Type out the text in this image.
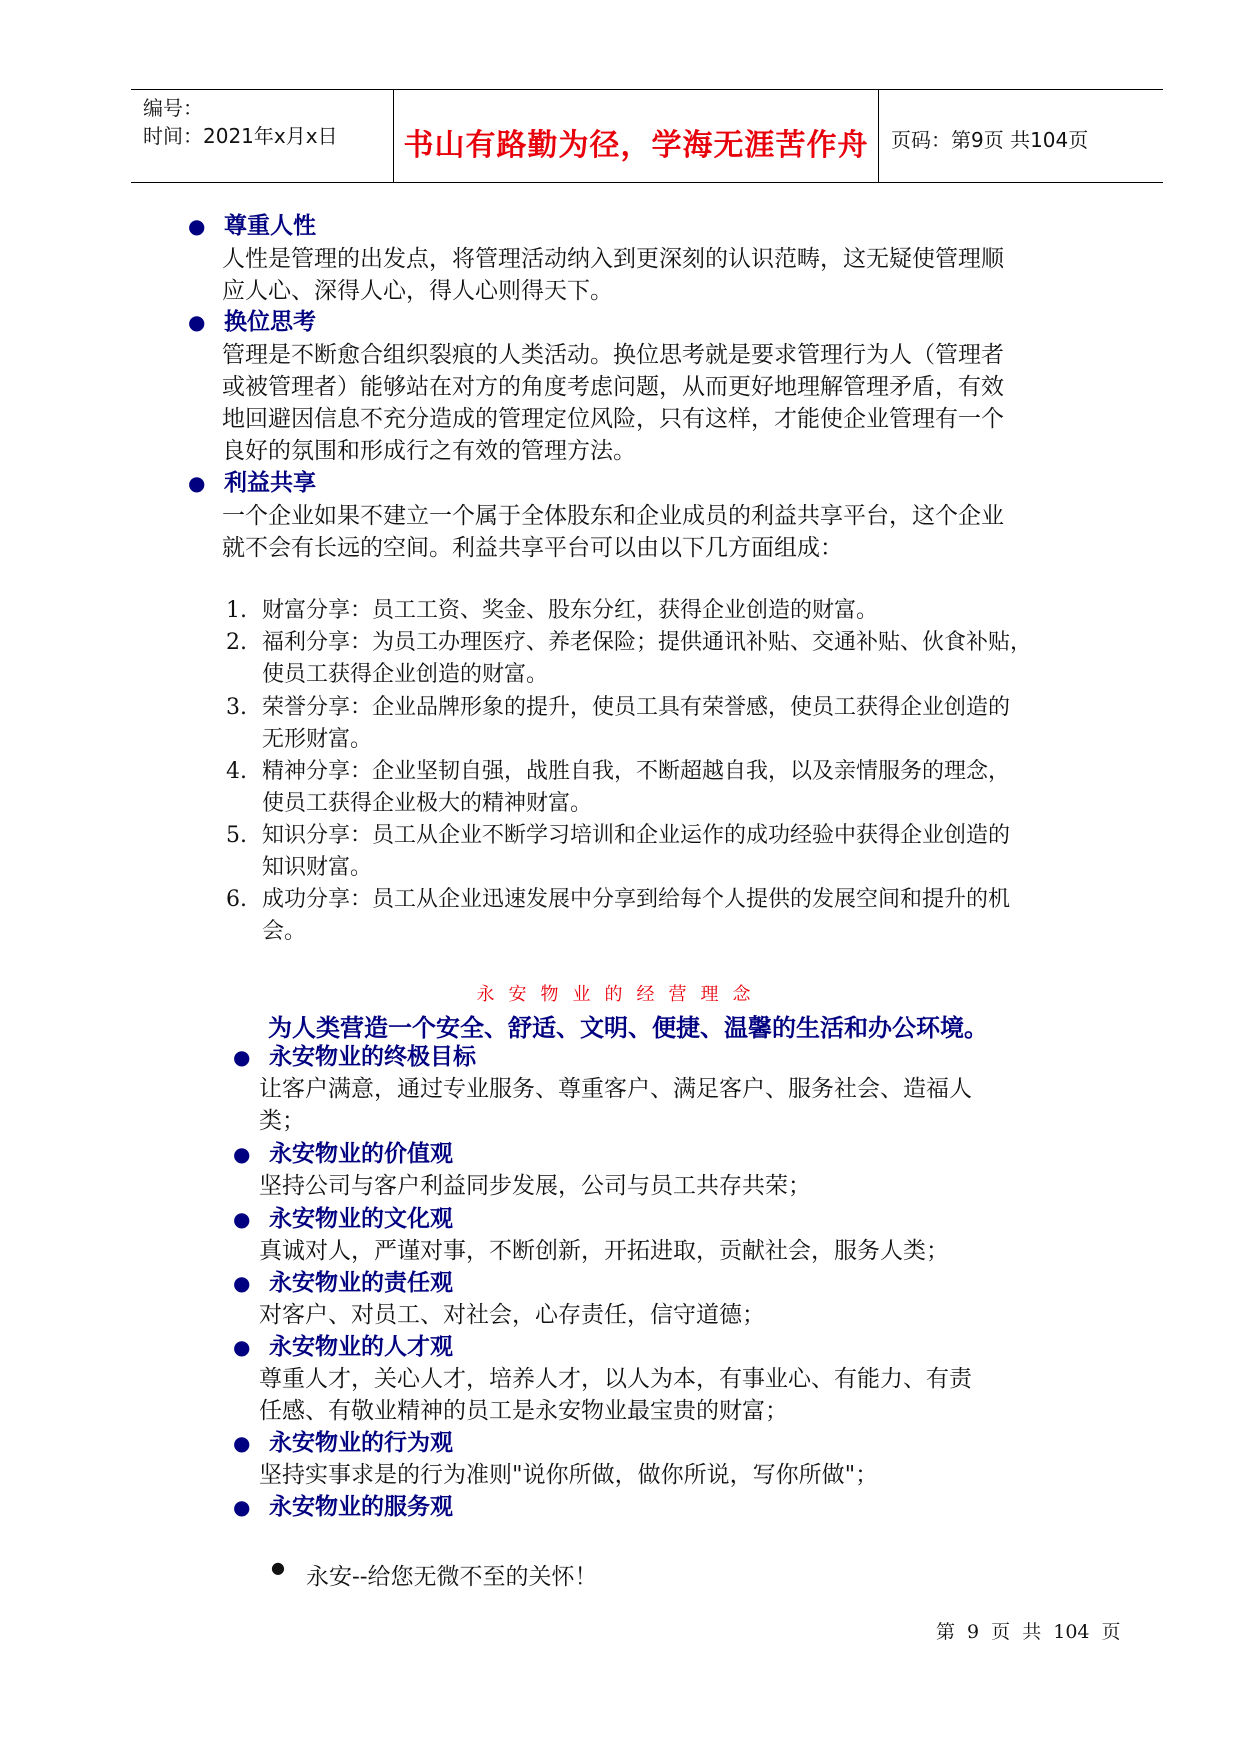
编号：
时间：2021年x月x日	书山有路勤为径，学海无涯苦作舟	页码：第9页 共104页
● 尊重人性
人性是管理的出发点，将管理活动纳入到更深刻的认识范畴，这无疑使管理顺
应人心、深得人心，得人心则得天下。
● 换位思考
管理是不断愈合组织裂痕的人类活动。换位思考就是要求管理行为人（管理者
或被管理者）能够站在对方的角度考虑问题，从而更好地理解管理矛盾，有效
地回避因信息不充分造成的管理定位风险，只有这样，才能使企业管理有一个
良好的氛围和形成行之有效的管理方法。
● 利益共享
一个企业如果不建立一个属于全体股东和企业成员的利益共享平台，这个企业
就不会有长远的空间。利益共享平台可以由以下几方面组成：
1. 财富分享：员工工资、奖金、股东分红，获得企业创造的财富。
2. 福利分享：为员工办理医疗、养老保险；提供通讯补贴、交通补贴、伙食补贴，
使员工获得企业创造的财富。
3. 荣誉分享：企业品牌形象的提升，使员工具有荣誉感，使员工获得企业创造的
无形财富。
4. 精神分享：企业坚韧自强，战胜自我，不断超越自我，以及亲情服务的理念，
使员工获得企业极大的精神财富。
5. 知识分享：员工从企业不断学习培训和企业运作的成功经验中获得企业创造的
知识财富。
6. 成功分享：员工从企业迅速发展中分享到给每个人提供的发展空间和提升的机
会。
永安物业的经营理念
为人类营造一个安全、舒适、文明、便捷、温馨的生活和办公环境。
● 永安物业的终极目标
让客户满意，通过专业服务、尊重客户、满足客户、服务社会、造福人
类；
● 永安物业的价值观
坚持公司与客户利益同步发展，公司与员工共存共荣；
● 永安物业的文化观
真诚对人，严谨对事，不断创新，开拓进取，贡献社会，服务人类；
● 永安物业的责任观
对客户、对员工、对社会，心存责任，信守道德；
● 永安物业的人才观
尊重人才，关心人才，培养人才，以人为本，有事业心、有能力、有责
任感、有敬业精神的员工是永安物业最宝贵的财富；
● 永安物业的行为观
坚持实事求是的行为准则"说你所做，做你所说，写你所做"；
● 永安物业的服务观
● 永安--给您无微不至的关怀！
第 9 页 共 104 页
